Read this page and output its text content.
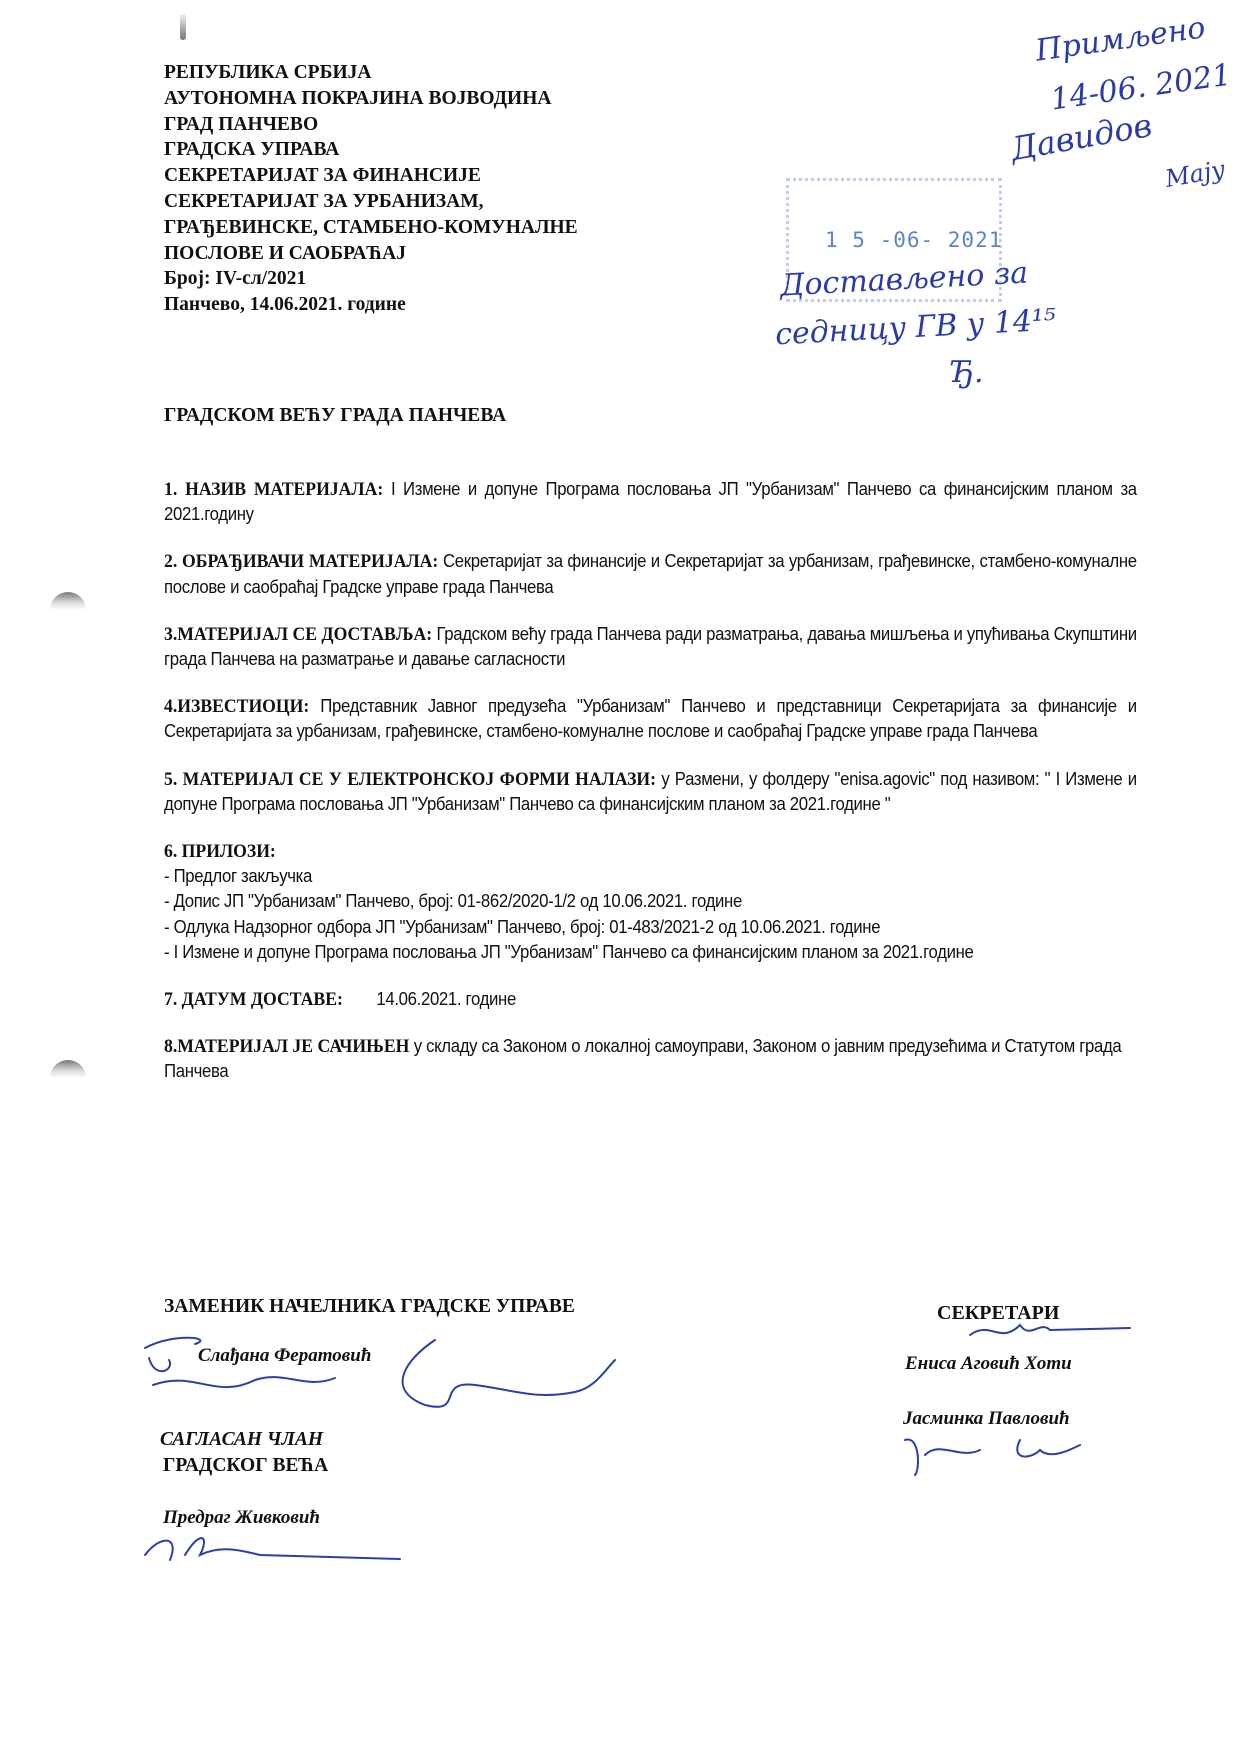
РЕПУБЛИКА СРБИЈА
АУТОНОМНА ПОКРАЈИНА ВОЈВОДИНА
ГРАД ПАНЧЕВО
ГРАДСКА УПРАВА
СЕКРЕТАРИЈАТ ЗА ФИНАНСИЈЕ
СЕКРЕТАРИЈАТ ЗА УРБАНИЗАМ,
ГРАЂЕВИНСКЕ, СТАМБЕНО-КОМУНАЛНЕ
ПОСЛОВЕ И САОБРАЋАЈ
Број: IV-сл/2021
Панчево, 14.06.2021. године
Примљено
14-06. 2021
Давидов
Мају
1 5 -06- 2021
Достављено за
седницу ГВ у 14¹⁵
Ђ.
ГРАДСКОМ ВЕЋУ ГРАДА ПАНЧЕВА

1. НАЗИВ МАТЕРИЈАЛА: I Измене и допуне Програма пословања ЈП "Урбанизам" Панчево са финансијским планом за 2021.годину

2. ОБРАЂИВАЧИ МАТЕРИЈАЛА: Секретаријат за финансије и Секретаријат за урбанизам, грађевинске, стамбено-комуналне послове и саобраћај Градске управе града Панчева

3.МАТЕРИЈАЛ СЕ ДОСТАВЉА: Градском већу града Панчева ради разматрања, давања мишљења и упућивања Скупштини града Панчева на разматрање и давање сагласности

4.ИЗВЕСТИОЦИ: Представник Јавног предузећа "Урбанизам" Панчево и представници Секретаријата за финансије и Секретаријата за урбанизам, грађевинске, стамбено-комуналне послове и саобраћај Градске управе града Панчева

5. МАТЕРИЈАЛ СЕ У ЕЛЕКТРОНСКОЈ ФОРМИ НАЛАЗИ: у Размени, у фолдеру "enisa.agovic" под називом: " I Измене и допуне Програма пословања ЈП "Урбанизам" Панчево са финансијским планом за 2021.године "

6. ПРИЛОЗИ:
- Предлог закључка
- Допис ЈП "Урбанизам" Панчево, број: 01-862/2020-1/2 од 10.06.2021. године
- Одлука Надзорног одбора ЈП "Урбанизам" Панчево, број: 01-483/2021-2 од 10.06.2021. године
- I Измене и допуне Програма пословања ЈП "Урбанизам" Панчево са финансијским планом за 2021.године

7. ДАТУМ ДОСТАВЕ: 14.06.2021. године

8.МАТЕРИЈАЛ ЈЕ САЧИЊЕН у складу са Законом о локалној самоуправи, Законом о јавним предузећима и Статутом града Панчева

ЗАМЕНИК НАЧЕЛНИКА ГРАДСКЕ УПРАВЕ
Слађана Фератовић
САГЛАСАН ЧЛАН
ГРАДСКОГ ВЕЋА
Предраг Живковић
СЕКРЕТАРИ
Ениса Аговић Хоти
Јасминка Павловић
